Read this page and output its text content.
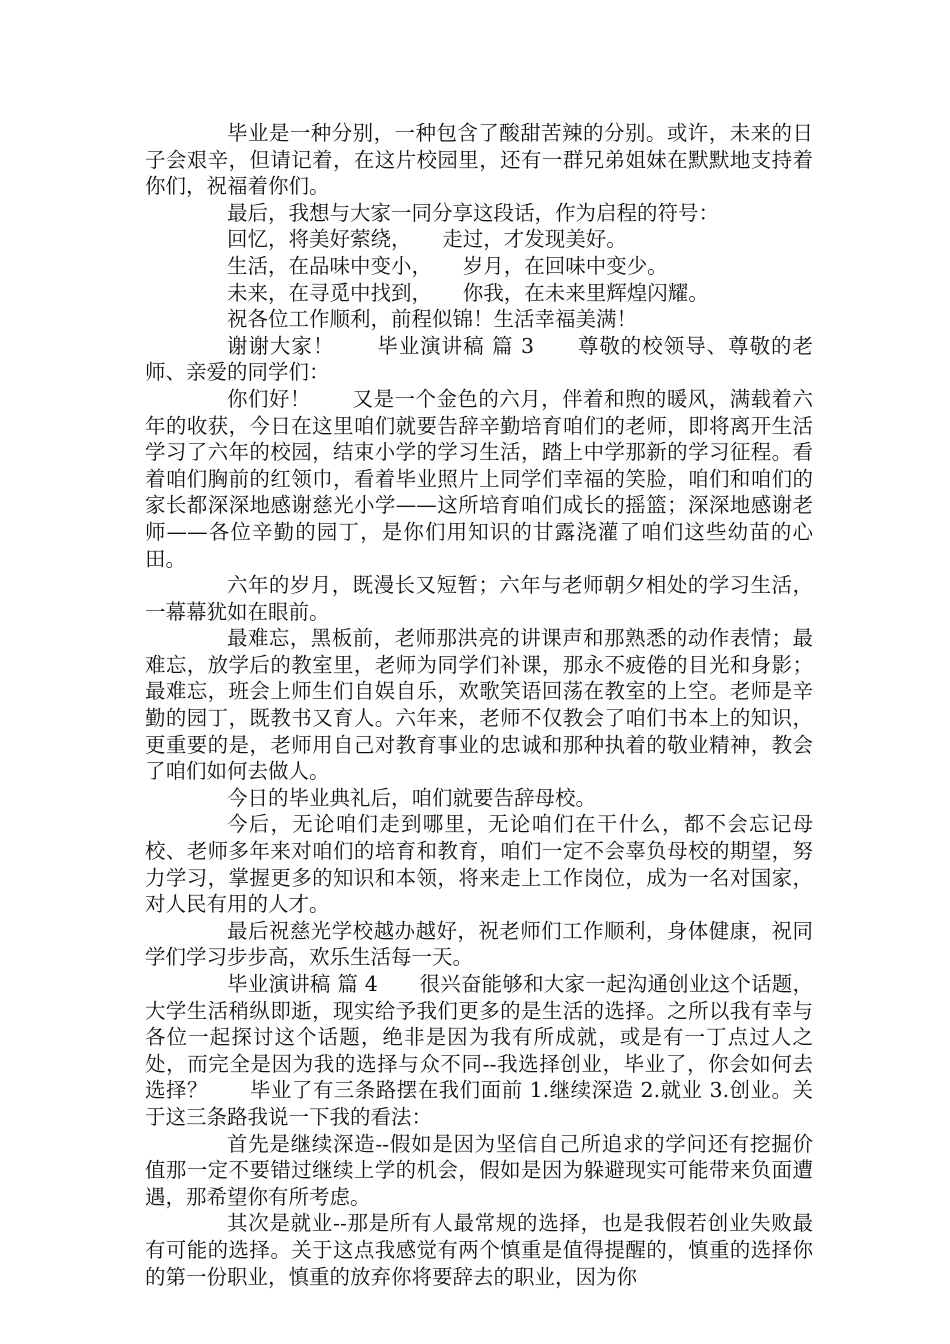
毕业是一种分别，一种包含了酸甜苦辣的分别。或许，未来的日子会艰辛，但请记着，在这片校园里，还有一群兄弟姐妹在默默地支持着你们，祝福着你们。

最后，我想与大家一同分享这段话，作为启程的符号：

回忆，将美好萦绕，　　走过，才发现美好。

生活，在品味中变小，　　岁月，在回味中变少。

未来，在寻觅中找到，　　你我，在未来里辉煌闪耀。

祝各位工作顺利，前程似锦！生活幸福美满！

谢谢大家！　　毕业演讲稿 篇 3　　尊敬的校领导、尊敬的老师、亲爱的同学们：

你们好！　　又是一个金色的六月，伴着和煦的暖风，满载着六年的收获，今日在这里咱们就要告辞辛勤培育咱们的老师，即将离开生活学习了六年的校园，结束小学的学习生活，踏上中学那新的学习征程。看着咱们胸前的红领巾，看着毕业照片上同学们幸福的笑脸，咱们和咱们的家长都深深地感谢慈光小学——这所培育咱们成长的摇篮；深深地感谢老师——各位辛勤的园丁，是你们用知识的甘露浇灌了咱们这些幼苗的心田。

六年的岁月，既漫长又短暂；六年与老师朝夕相处的学习生活，一幕幕犹如在眼前。

最难忘，黑板前，老师那洪亮的讲课声和那熟悉的动作表情；最难忘，放学后的教室里，老师为同学们补课，那永不疲倦的目光和身影；最难忘，班会上师生们自娱自乐，欢歌笑语回荡在教室的上空。老师是辛勤的园丁，既教书又育人。六年来，老师不仅教会了咱们书本上的知识，更重要的是，老师用自己对教育事业的忠诚和那种执着的敬业精神，教会了咱们如何去做人。

今日的毕业典礼后，咱们就要告辞母校。

今后，无论咱们走到哪里，无论咱们在干什么，都不会忘记母校、老师多年来对咱们的培育和教育，咱们一定不会辜负母校的期望，努力学习，掌握更多的知识和本领，将来走上工作岗位，成为一名对国家，对人民有用的人才。

最后祝慈光学校越办越好，祝老师们工作顺利，身体健康，祝同学们学习步步高，欢乐生活每一天。

毕业演讲稿 篇 4　　很兴奋能够和大家一起沟通创业这个话题，大学生活稍纵即逝，现实给予我们更多的是生活的选择。之所以我有幸与各位一起探讨这个话题，绝非是因为我有所成就，或是有一丁点过人之处，而完全是因为我的选择与众不同--我选择创业，毕业了，你会如何去选择？　　毕业了有三条路摆在我们面前 1.继续深造 2.就业 3.创业。关于这三条路我说一下我的看法：

首先是继续深造--假如是因为坚信自己所追求的学问还有挖掘价值那一定不要错过继续上学的机会，假如是因为躲避现实可能带来负面遭遇，那希望你有所考虑。

其次是就业--那是所有人最常规的选择，也是我假若创业失败最有可能的选择。关于这点我感觉有两个慎重是值得提醒的，慎重的选择你的第一份职业，慎重的放弃你将要辞去的职业，因为你
